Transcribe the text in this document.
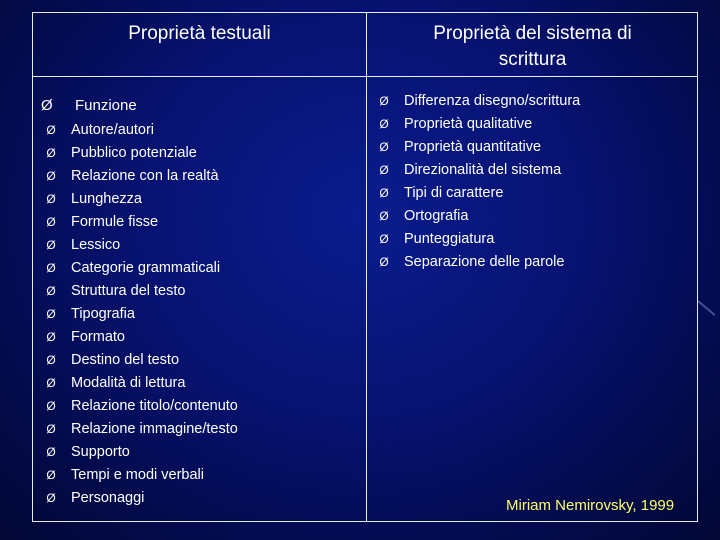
Proprietà testuali	Proprietà del sistema di
scrittura
Ø Funzione
Ø Autore/autori
Ø Pubblico potenziale
Ø Relazione con la realtà
Ø Lunghezza
Ø Formule fisse
Ø Lessico
Ø Categorie grammaticali
Ø Struttura del testo
Ø Tipografia
Ø Formato
Ø Destino del testo
Ø Modalità di lettura
Ø Relazione titolo/contenuto
Ø Relazione immagine/testo
Ø Supporto
Ø Tempi e modi verbali
Ø Personaggi
Ø Differenza disegno/scrittura
Ø Proprietà qualitative
Ø Proprietà quantitative
Ø Direzionalità del sistema
Ø Tipi di carattere
Ø Ortografia
Ø Punteggiatura
Ø Separazione delle parole
Miriam Nemirovsky, 1999
